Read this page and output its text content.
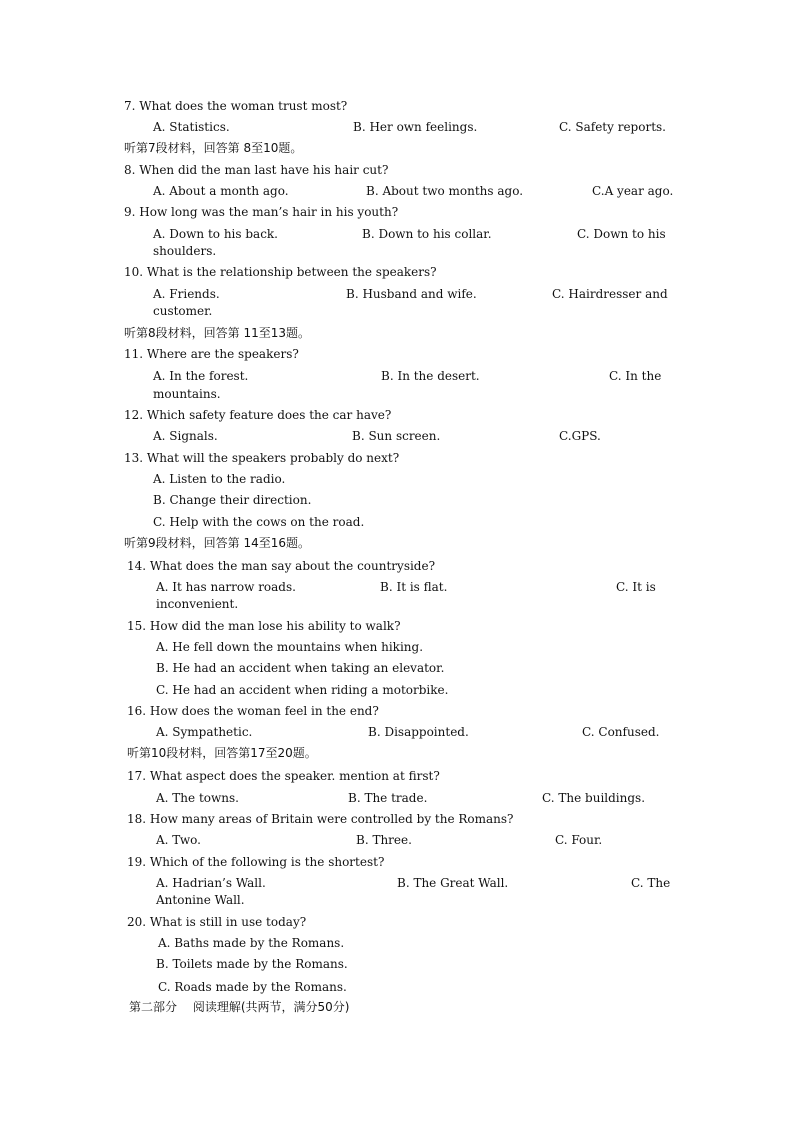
7. What does the woman trust most?
A. Statistics.	B. Her own feelings.	C. Safety reports.
听第7段材料，回答第 8至10题。
8. When did the man last have his hair cut?
A. About a month ago.	B. About two months ago.	C.A year ago.
9. How long was the man’s hair in his youth?
A. Down to his back.	B. Down to his collar.	C. Down to his
shoulders.
10. What is the relationship between the speakers?
A. Friends.	B. Husband and wife.	C. Hairdresser and
customer.
听第8段材料，回答第 11至13题。
11. Where are the speakers?
A. In the forest.	B. In the desert.	C. In the
mountains.
12. Which safety feature does the car have?
A. Signals.	B. Sun screen.	C.GPS.
13. What will the speakers probably do next?
A. Listen to the radio.
B. Change their direction.
C. Help with the cows on the road.
听第9段材料，回答第 14至16题。
14. What does the man say about the countryside?
A. It has narrow roads.	B. It is flat.	C. It is
inconvenient.
15. How did the man lose his ability to walk?
A. He fell down the mountains when hiking.
B. He had an accident when taking an elevator.
C. He had an accident when riding a motorbike.
16. How does the woman feel in the end?
A. Sympathetic.	B. Disappointed.	C. Confused.
听第10段材料，回答第17至20题。
17. What aspect does the speaker. mention at first?
A. The towns.	B. The trade.	C. The buildings.
18. How many areas of Britain were controlled by the Romans?
A. Two.	B. Three.	C. Four.
19. Which of the following is the shortest?
A. Hadrian’s Wall.	B. The Great Wall.	C. The
Antonine Wall.
20. What is still in use today?
A. Baths made by the Romans.
B. Toilets made by the Romans.
C. Roads made by the Romans.
第二部分　 阅读理解(共两节，满分50分)
